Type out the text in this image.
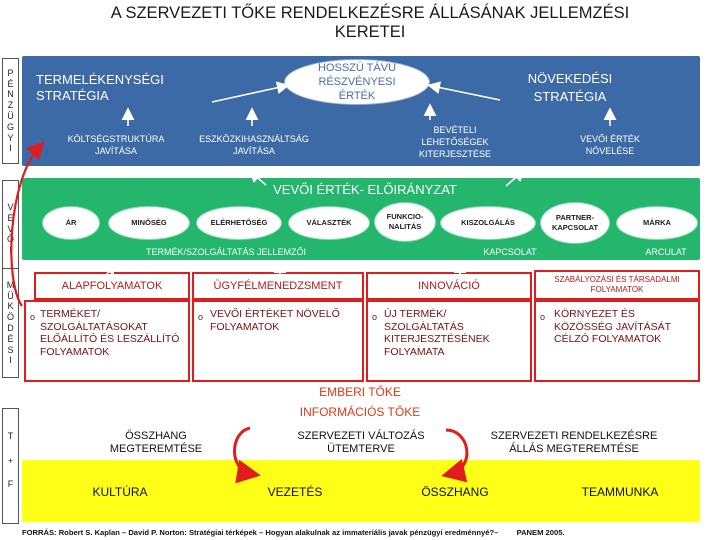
A SZERVEZETI TŐKE RENDELKEZÉSRE ÁLLÁSÁNAK JELLEMZÉSI
KERETEI
P
É
N
Z
Ü
G
Y
I
V
E
V
Ő
I
M
Ü
K
Ö
D
É
S
I
T
+
F
TERMELÉKENYSÉGI STRATÉGIA
HOSSZÚ TÁVÚ RÉSZVÉNYESI ÉRTÉK
NÖVEKEDÉSI STRATÉGIA
KÖLTSÉGSTRUKTÚRA JAVÍTÁSA
ESZKÖZKIHASZNÁLTSÁG JAVÍTÁSA
BEVÉTELI LEHETŐSÉGEK KITERJESZTÉSE
VEVŐI ÉRTÉK NÖVELÉSE
VEVŐI ÉRTÉK- ELŐIRÁNYZAT
ÁR	MINŐSÉG	ELÉRHETŐSÉG	VÁLASZTÉK
FUNKCIO-NALITÁS	KISZOLGÁLÁS
PARTNER-KAPCSOLAT
MÁRKA
TERMÉK/SZOLGÁLTATÁS JELLEMZŐI	KAPCSOLAT	ARCULAT
ALAPFOLYAMATOK
o TERMÉKET/ SZOLGÁLTATÁSOKAT ELŐÁLLÍTÓ ÉS LESZÁLLÍTÓ FOLYAMATOK
ÜGYFÉLMENEDZSMENT
o VEVŐI ÉRTÉKET NÖVELŐ FOLYAMATOK
INNOVÁCIÓ
o ÚJ TERMÉK/ SZOLGÁLTATÁS KITERJESZTÉSÉNEK FOLYAMATA
SZABÁLYOZÁSI ÉS TÁRSADALMI FOLYAMATOK
o KÖRNYEZET ÉS KÖZÖSSÉG JAVÍTÁSÁT CÉLZÓ FOLYAMATOK
EMBERI TŐKE
INFORMÁCIÓS TŐKE
ÖSSZHANG MEGTEREMTÉSE
SZERVEZETI VÁLTOZÁS ÜTEMTERVE
SZERVEZETI RENDELKEZÉSRE ÁLLÁS MEGTEREMTÉSE
KULTÚRA	VEZETÉS	ÖSSZHANG	TEAMMUNKA
FORRÁS: Robert S. Kaplan – David P. Norton: Stratégiai térképek – Hogyan alakulnak az immateriális javak pénzügyi eredménnyé?– PANEM 2005.
